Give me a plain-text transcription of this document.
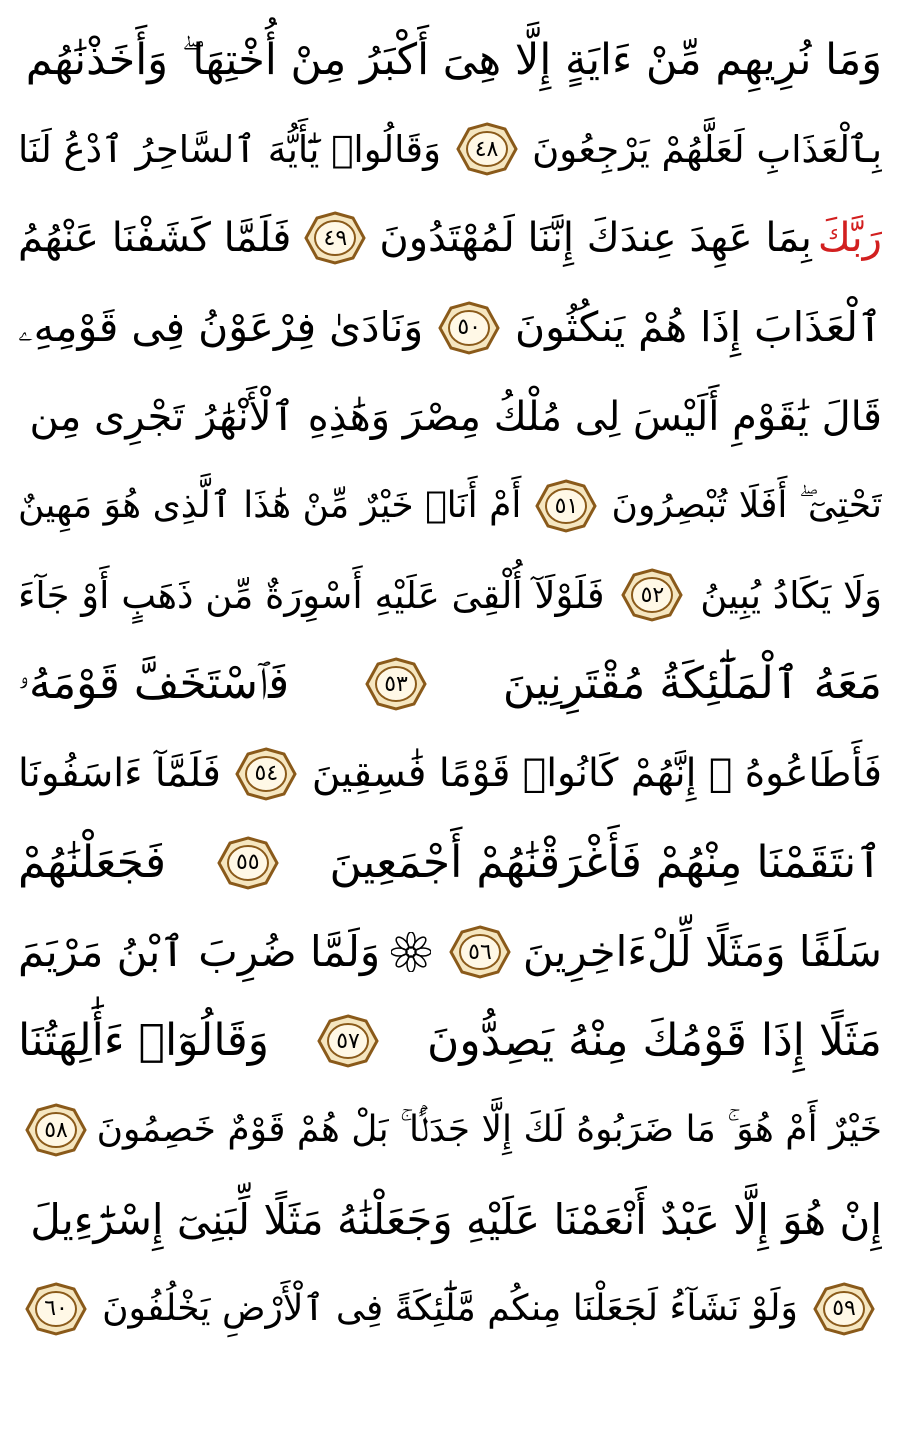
وَمَا نُرِيهِم مِّنْ ءَايَةٍ إِلَّا هِىَ أَكْبَرُ مِنْ أُخْتِهَا ۖ وَأَخَذْنَٰهُم
بِٱلْعَذَابِ لَعَلَّهُمْ يَرْجِعُونَ
٤٨
وَقَالُوا۟ يَٰٓأَيُّهَ ٱلسَّاحِرُ ٱدْعُ لَنَا
رَبَّكَ
بِمَا عَهِدَ عِندَكَ إِنَّنَا لَمُهْتَدُونَ
٤٩
فَلَمَّا كَشَفْنَا عَنْهُمُ
ٱلْعَذَابَ إِذَا هُمْ يَنكُثُونَ
٥٠
وَنَادَىٰ فِرْعَوْنُ فِى قَوْمِهِۦ
قَالَ يَٰقَوْمِ أَلَيْسَ لِى مُلْكُ مِصْرَ وَهَٰذِهِ ٱلْأَنْهَٰرُ تَجْرِى مِن
تَحْتِىٓ ۖ أَفَلَا تُبْصِرُونَ
٥١
أَمْ أَنَا۠ خَيْرٌ مِّنْ هَٰذَا ٱلَّذِى هُوَ مَهِينٌ
وَلَا يَكَادُ يُبِينُ
٥٢
فَلَوْلَآ أُلْقِىَ عَلَيْهِ أَسْوِرَةٌ مِّن ذَهَبٍ أَوْ جَآءَ
مَعَهُ ٱلْمَلَٰٓئِكَةُ مُقْتَرِنِينَ
٥٣
فَٱسْتَخَفَّ قَوْمَهُۥ
فَأَطَاعُوهُ ۚ إِنَّهُمْ كَانُوا۟ قَوْمًا فَٰسِقِينَ
٥٤
فَلَمَّآ ءَاسَفُونَا
ٱنتَقَمْنَا مِنْهُمْ فَأَغْرَقْنَٰهُمْ أَجْمَعِينَ
٥٥
فَجَعَلْنَٰهُمْ
سَلَفًا وَمَثَلًا لِّلْءَاخِرِينَ
٥٦
وَلَمَّا ضُرِبَ ٱبْنُ مَرْيَمَ
مَثَلًا إِذَا قَوْمُكَ مِنْهُ يَصِدُّونَ
٥٧
وَقَالُوٓا۟ ءَأَٰلِهَتُنَا
خَيْرٌ أَمْ هُوَ ۚ مَا ضَرَبُوهُ لَكَ إِلَّا جَدَلًۢا ۚ بَلْ هُمْ قَوْمٌ خَصِمُونَ
٥٨
إِنْ هُوَ إِلَّا عَبْدٌ أَنْعَمْنَا عَلَيْهِ وَجَعَلْنَٰهُ مَثَلًا لِّبَنِىٓ إِسْرَٰٓءِيلَ
٥٩
وَلَوْ نَشَآءُ لَجَعَلْنَا مِنكُم مَّلَٰٓئِكَةً فِى ٱلْأَرْضِ يَخْلُفُونَ
٦٠
